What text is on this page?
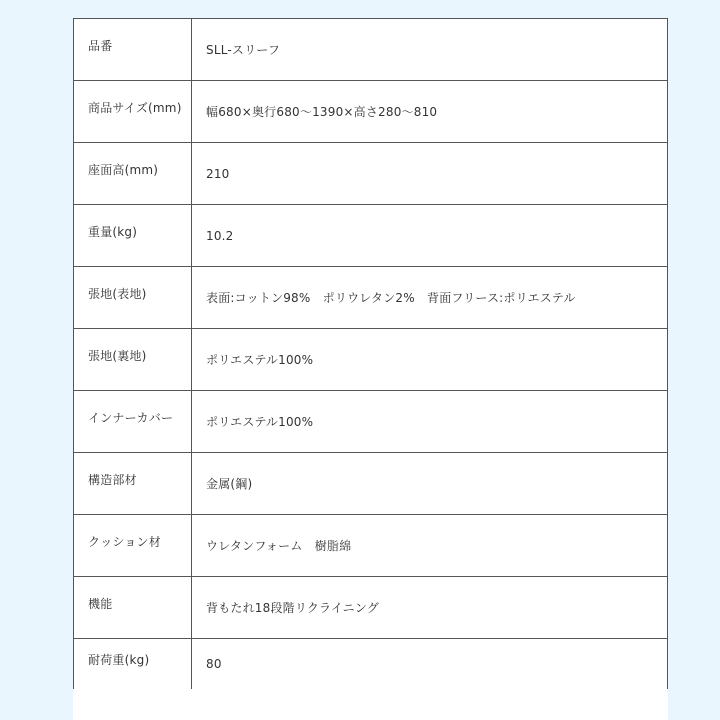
品番	SLL-スリーフ
商品サイズ(mm)	幅680×奥行680〜1390×高さ280〜810
座面高(mm)	210
重量(kg)	10.2
張地(表地)	表面:コットン98%　ポリウレタン2%　背面フリース:ポリエステル
張地(裏地)	ポリエステル100%
インナーカバー	ポリエステル100%
構造部材	金属(鋼)
クッション材	ウレタンフォーム　樹脂綿
機能	背もたれ18段階リクライニング
耐荷重(kg)	80
